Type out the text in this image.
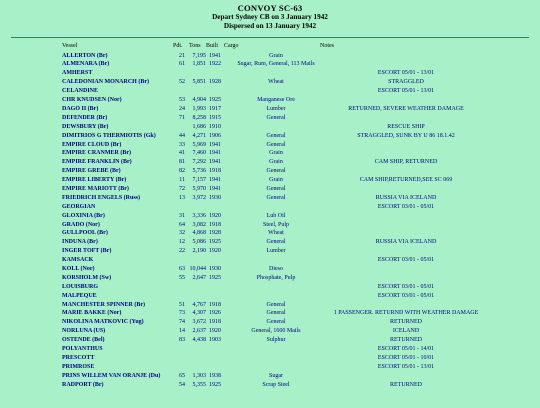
CONVOY SC-63
Depart Sydney CB on 3 January 1942
Dispersed on 13 January 1942
Vessel	Pdt. Tons Built Cargo	Notes
ALLERTON (Br)	21	7,195 1941	Grain
ALMENARA (Br)	61	1,851 1922	Sugar, Rum, General, 113 Mails
AMHERST	ESCORT 05/01 - 13/01
CALEDONIAN MONARCH (Br)	52	5,851 1928	Wheat	STRAGGLED
CELANDINE	ESCORT 05/01 - 13/01
CHR KNUDSEN (Nor)	53	4,904 1925	Manganese Ore
DAGO II (Br)	24	1,993 1917	Lumber	RETURNED, SEVERE WEATHER DAMAGE
DEFENDER (Br)	71	8,258 1915	General
DEWSBURY (Br)	1,686 1910	RESCUE SHIP
DIMITRIOS G THERMIOTIS (Gk)	44	4,271 1906	General	STRAGGLED, SUNK BY U 86 18.1.42
EMPIRE CLOUD (Br)	33	5,969 1941	General
EMPIRE CRANMER (Br)	41	7,460 1941	Grain
EMPIRE FRANKLIN (Br)	81	7,292 1941	Grain	CAM SHIP, RETURNED
EMPIRE GREBE (Br)	82	5,736 1918	General
EMPIRE LIBERTY (Br)	11	7,157 1941	Grain	CAM SHIP,RETURNED,SEE SC 069
EMPIRE MARIOTT (Br)	72	5,970 1941	General
FRIEDRICH ENGELS (Russ)	13	3,972 1930	General	RUSSIA VIA ICELAND
GEORGIAN	ESCORT 03/01 - 05/01
GLOXINIA (Br)	31	3,336 1920	Lub Oil
GRADO (Nor)	64	3,082 1918	Steel, Pulp
GULLPOOL (Br)	32	4,868 1928	Wheat
INDUNA (Br)	12	5,086 1925	General	RUSSIA VIA ICELAND
INGER TOFT (Br)	22	2,190 1920	Lumber
KAMSACK	ESCORT 03/01 - 05/01
KOLL (Nor)	63 10,044 1930	Dieso
KORSHOLM (Sw)	55	2,647 1925	Phosphate, Pulp
LOUISBURG	ESCORT 03/01 - 05/01
MALPEQUE	ESCORT 03/01 - 05/01
MANCHESTER SPINNER (Br)	51	4,767 1918	General
MARIE BAKKE (Nor)	73	4,307 1926	General	1 PASSENGER. RETURND WITH WEATHER DAMAGE
NIKOLINA MATKOVIC (Yug)	74	3,672 1918	General	RETURNED
NORLUNA (US)	14	2,637 1920	General, 1600 Mails	ICELAND
OSTENDE (Bel)	83	4,438 1903	Sulphur	RETURNED
POLYANTHUS	ESCORT 05/01 - 14/01
PRESCOTT	ESCORT 05/01 - 10/01
PRIMROSE	ESCORT 05/01 - 13/01
PRINS WILLEM VAN ORANJE (Du)	65	1,303 1938	Sugar
RADPORT (Br)	54	5,355 1925	Scrap Steel	RETURNED
